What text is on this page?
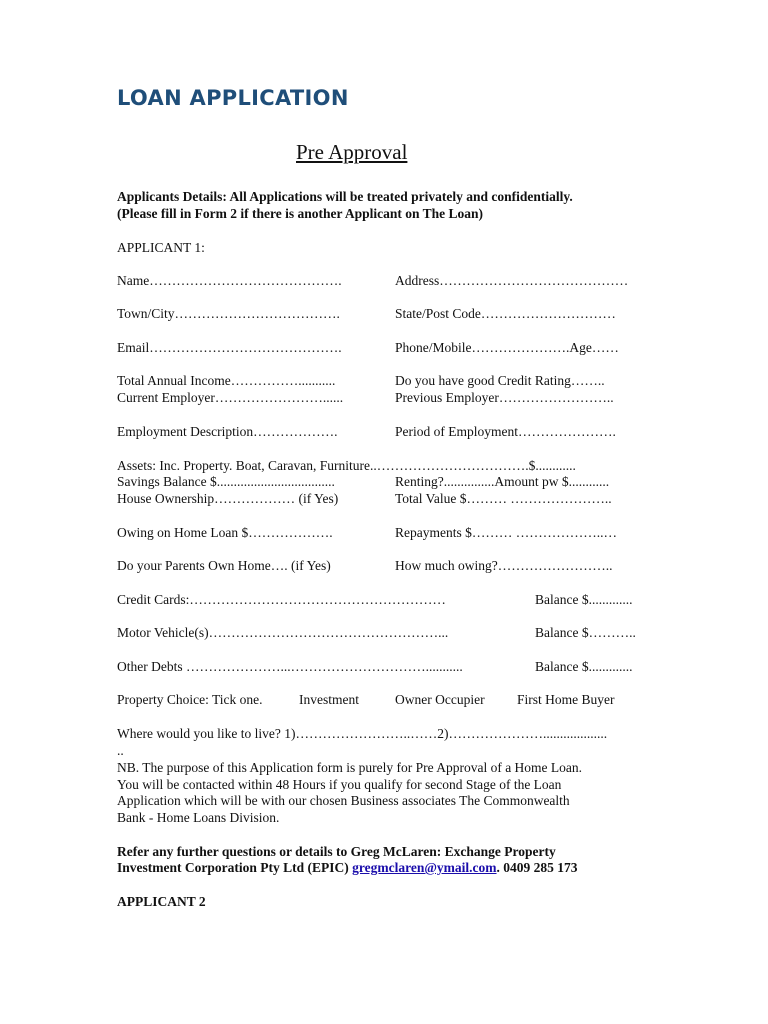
LOAN APPLICATION
Pre Approval
Applicants Details: All Applications will be treated privately and confidentially.
(Please fill in Form 2 if there is another Applicant on The Loan)
APPLICANT 1:
Name…………………………………….	Address……………………………………
Town/City……………………………….	State/Post Code…………………………
Email…………………………………….	Phone/Mobile………………….Age……
Total Annual Income……………...........	Do you have good Credit Rating……..
Current Employer……………………......	Previous Employer……………………..
Employment Description……………….	Period of Employment………………….
Assets: Inc. Property. Boat, Caravan, Furniture..…………………………….$............
Savings Balance $...................................	Renting?...............Amount pw $............
House Ownership……………… (if Yes)	Total Value $……… …………………..
Owing on Home Loan $……………….	Repayments $……… ………………..…
Do your Parents Own Home…. (if Yes)	How much owing?……………………..
Credit Cards:…………………………………………………	Balance $.............
Motor Vehicle(s)……………………………………………...	Balance $………..
Other Debts …………………...…………………………...........	Balance $.............
Property Choice: Tick one.	Investment	Owner Occupier First Home Buyer
Where would you like to live? 1)……………………..……2)…………………...................
..
NB. The purpose of this Application form is purely for Pre Approval of a Home Loan.
You will be contacted within 48 Hours if you qualify for second Stage of the Loan
Application which will be with our chosen Business associates The Commonwealth
Bank - Home Loans Division.
Refer any further questions or details to Greg McLaren: Exchange Property
Investment Corporation Pty Ltd (EPIC) gregmclaren@ymail.com. 0409 285 173
APPLICANT 2
